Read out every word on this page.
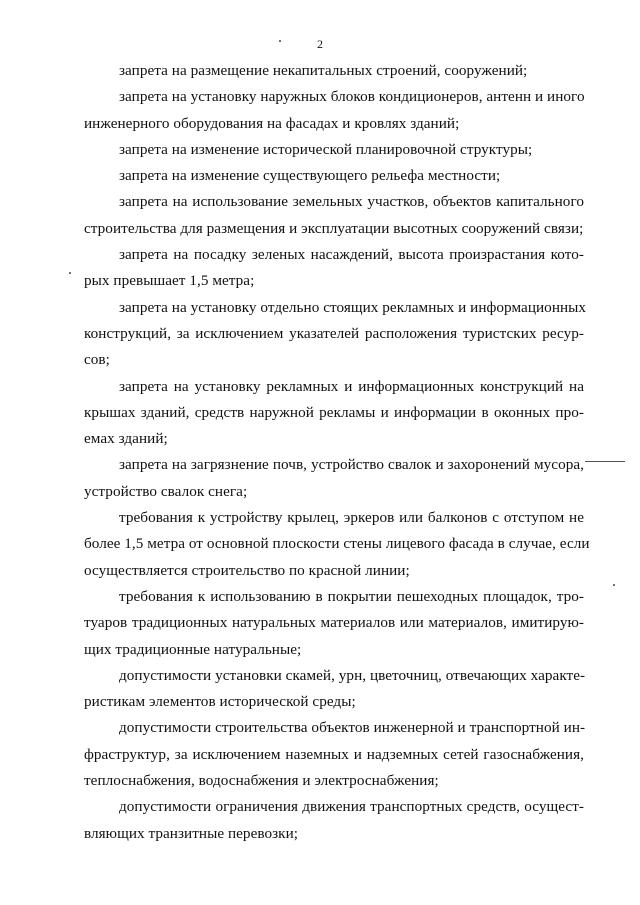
2
запрета на размещение некапитальных строений, сооружений;
запрета на установку наружных блоков кондиционеров, антенн и иного
инженерного оборудования на фасадах и кровлях зданий;
запрета на изменение исторической планировочной структуры;
запрета на изменение существующего рельефа местности;
запрета на использование земельных участков, объектов капитального
строительства для размещения и эксплуатации высотных сооружений связи;
запрета на посадку зеленых насаждений, высота произрастания кото-
рых превышает 1,5 метра;
запрета на установку отдельно стоящих рекламных и информационных
конструкций, за исключением указателей расположения туристских ресур-
сов;
запрета на установку рекламных и информационных конструкций на
крышах зданий, средств наружной рекламы и информации в оконных про-
емах зданий;
запрета на загрязнение почв, устройство свалок и захоронений мусора,
устройство свалок снега;
требования к устройству крылец, эркеров или балконов с отступом не
более 1,5 метра от основной плоскости стены лицевого фасада в случае, если
осуществляется строительство по красной линии;
требования к использованию в покрытии пешеходных площадок, тро-
туаров традиционных натуральных материалов или материалов, имитирую-
щих традиционные натуральные;
допустимости установки скамей, урн, цветочниц, отвечающих характе-
ристикам элементов исторической среды;
допустимости строительства объектов инженерной и транспортной ин-
фраструктур, за исключением наземных и надземных сетей газоснабжения,
теплоснабжения, водоснабжения и электроснабжения;
допустимости ограничения движения транспортных средств, осущест-
вляющих транзитные перевозки;
